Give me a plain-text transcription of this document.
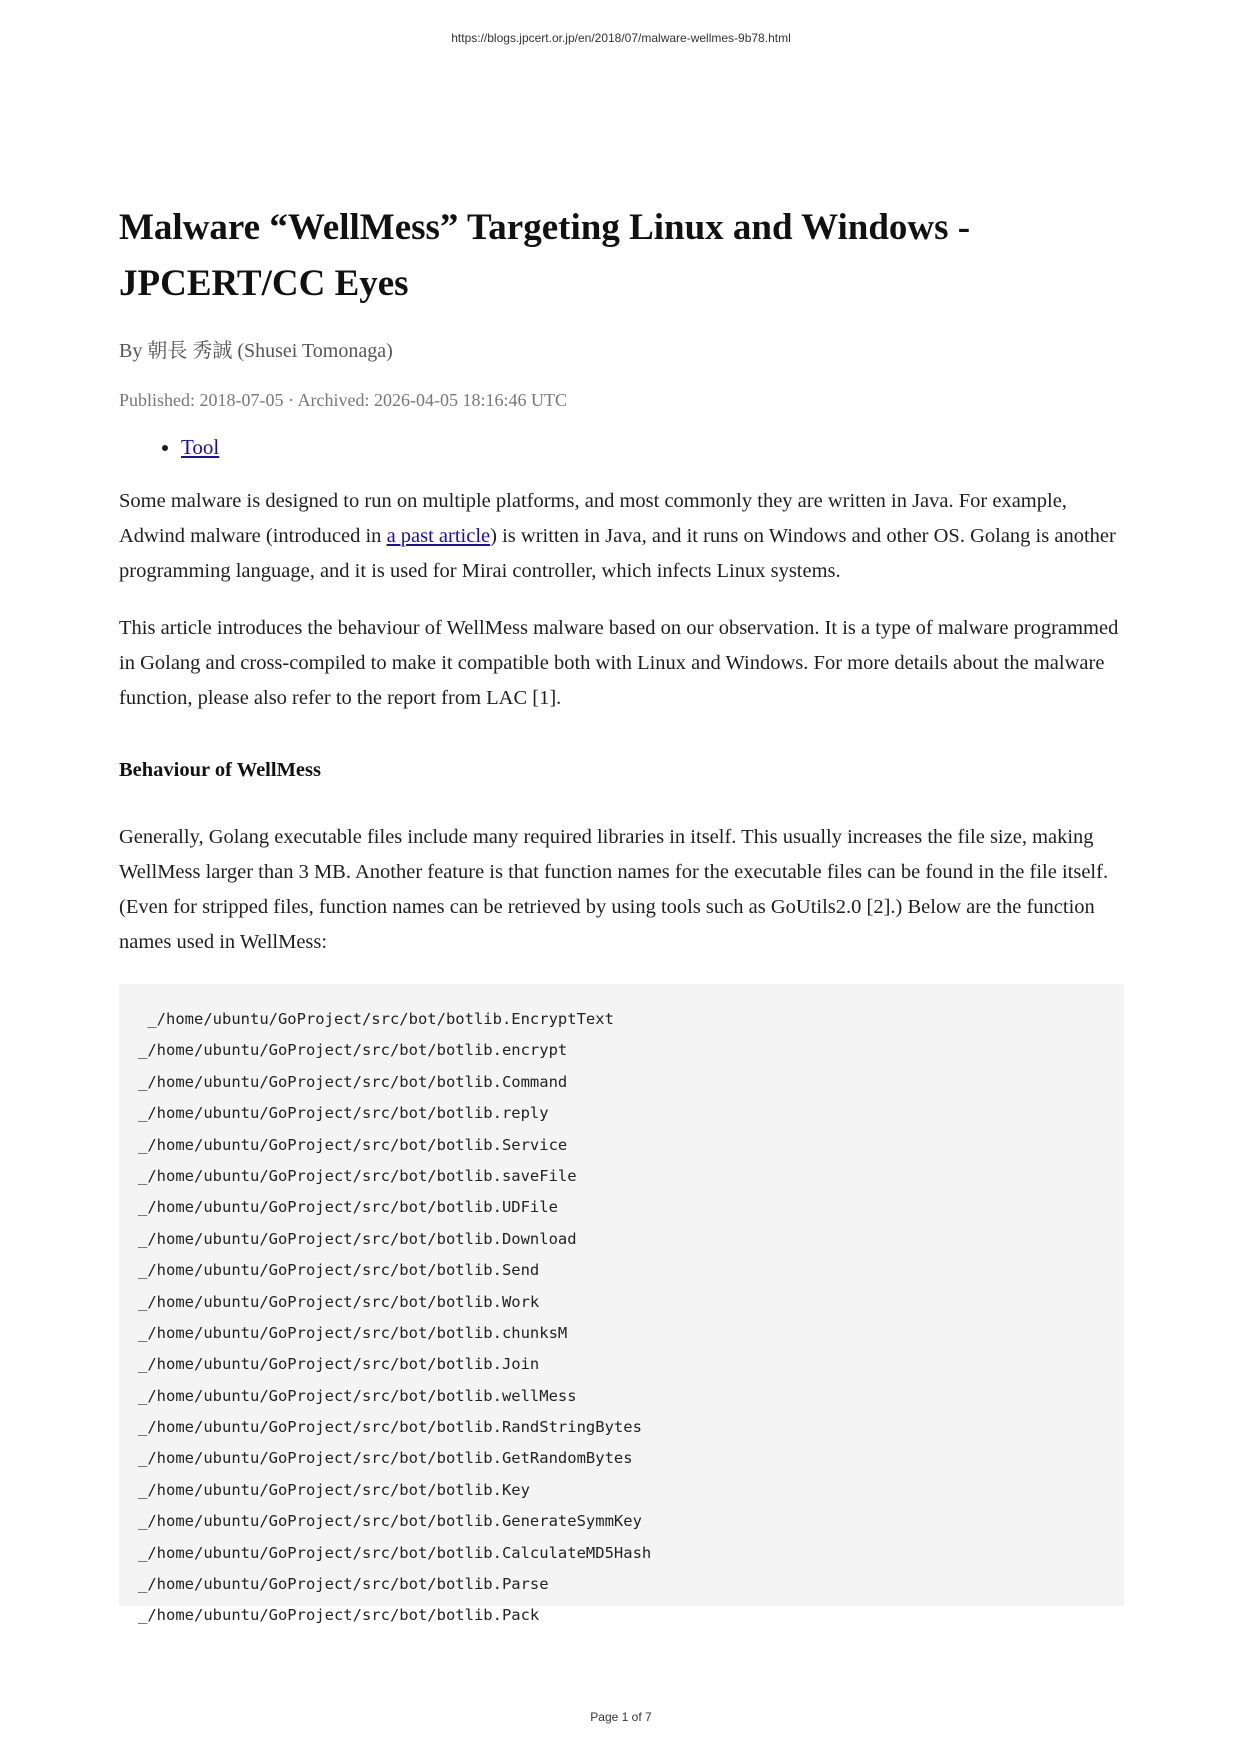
https://blogs.jpcert.or.jp/en/2018/07/malware-wellmes-9b78.html
Malware “WellMess” Targeting Linux and Windows -
JPCERT/CC Eyes
By 朝長 秀誠 (Shusei Tomonaga)
Published: 2018-07-05 · Archived: 2026-04-05 18:16:46 UTC
• Tool

Some malware is designed to run on multiple platforms, and most commonly they are written in Java. For example, Adwind malware (introduced in a past article) is written in Java, and it runs on Windows and other OS. Golang is another programming language, and it is used for Mirai controller, which infects Linux systems.

This article introduces the behaviour of WellMess malware based on our observation. It is a type of malware programmed in Golang and cross-compiled to make it compatible both with Linux and Windows. For more details about the malware function, please also refer to the report from LAC [1].

Behaviour of WellMess

Generally, Golang executable files include many required libraries in itself. This usually increases the file size, making WellMess larger than 3 MB. Another feature is that function names for the executable files can be found in the file itself. (Even for stripped files, function names can be retrieved by using tools such as GoUtils2.0 [2].) Below are the function names used in WellMess:

_/home/ubuntu/GoProject/src/bot/botlib.EncryptText
_/home/ubuntu/GoProject/src/bot/botlib.encrypt
_/home/ubuntu/GoProject/src/bot/botlib.Command
_/home/ubuntu/GoProject/src/bot/botlib.reply
_/home/ubuntu/GoProject/src/bot/botlib.Service
_/home/ubuntu/GoProject/src/bot/botlib.saveFile
_/home/ubuntu/GoProject/src/bot/botlib.UDFile
_/home/ubuntu/GoProject/src/bot/botlib.Download
_/home/ubuntu/GoProject/src/bot/botlib.Send
_/home/ubuntu/GoProject/src/bot/botlib.Work
_/home/ubuntu/GoProject/src/bot/botlib.chunksM
_/home/ubuntu/GoProject/src/bot/botlib.Join
_/home/ubuntu/GoProject/src/bot/botlib.wellMess
_/home/ubuntu/GoProject/src/bot/botlib.RandStringBytes
_/home/ubuntu/GoProject/src/bot/botlib.GetRandomBytes
_/home/ubuntu/GoProject/src/bot/botlib.Key
_/home/ubuntu/GoProject/src/bot/botlib.GenerateSymmKey
_/home/ubuntu/GoProject/src/bot/botlib.CalculateMD5Hash
_/home/ubuntu/GoProject/src/bot/botlib.Parse
_/home/ubuntu/GoProject/src/bot/botlib.Pack
Page 1 of 7
